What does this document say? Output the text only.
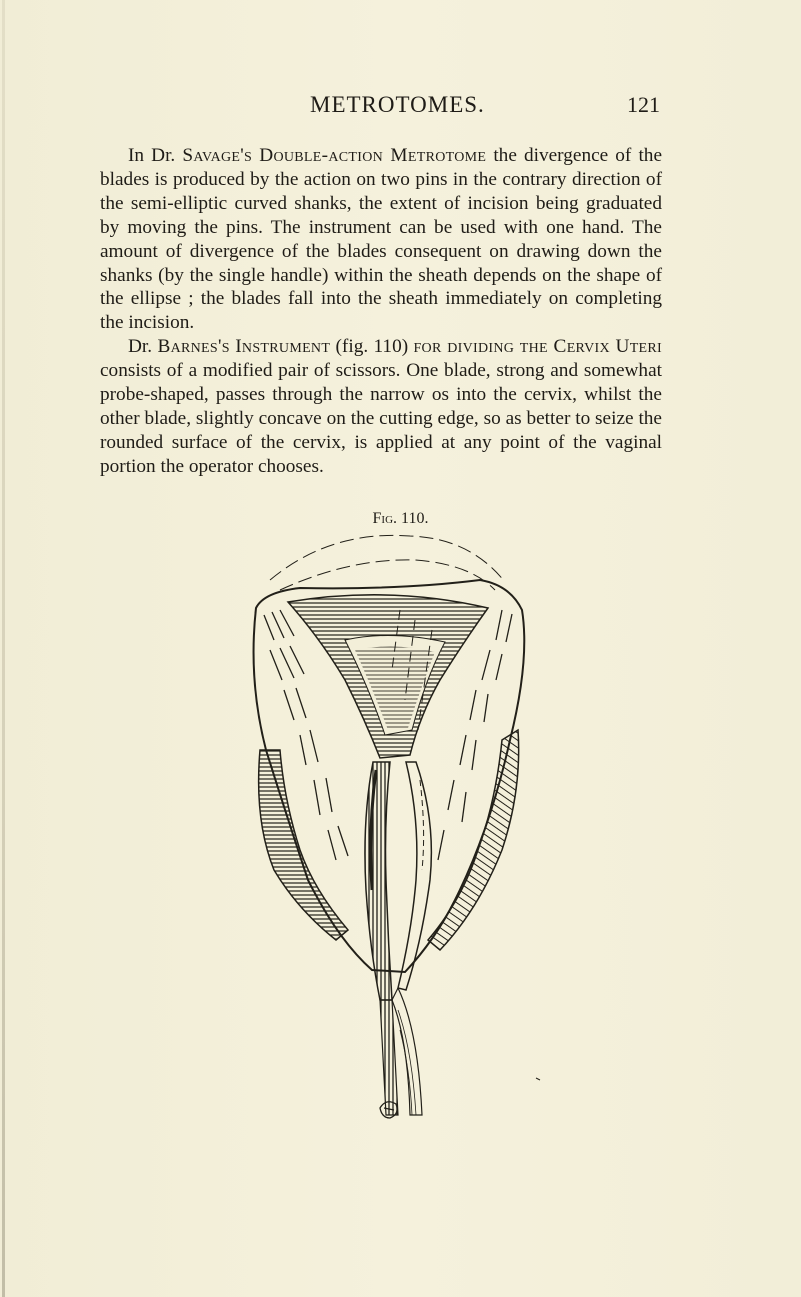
METROTOMES.	121

In Dr. Savage's Double-action Metrotome the divergence of the blades is produced by the action on two pins in the contrary direction of the semi-elliptic curved shanks, the extent of incision being graduated by moving the pins. The instrument can be used with one hand. The amount of divergence of the blades consequent on drawing down the shanks (by the single handle) within the sheath depends on the shape of the ellipse ; the blades fall into the sheath immediately on completing the incision.

Dr. Barnes's Instrument (fig. 110) for dividing the Cervix Uteri consists of a modified pair of scissors. One blade, strong and somewhat probe-shaped, passes through the narrow os into the cervix, whilst the other blade, slightly concave on the cutting edge, so as better to seize the rounded surface of the cervix, is applied at any point of the vaginal portion the operator chooses.

Fig. 110.
